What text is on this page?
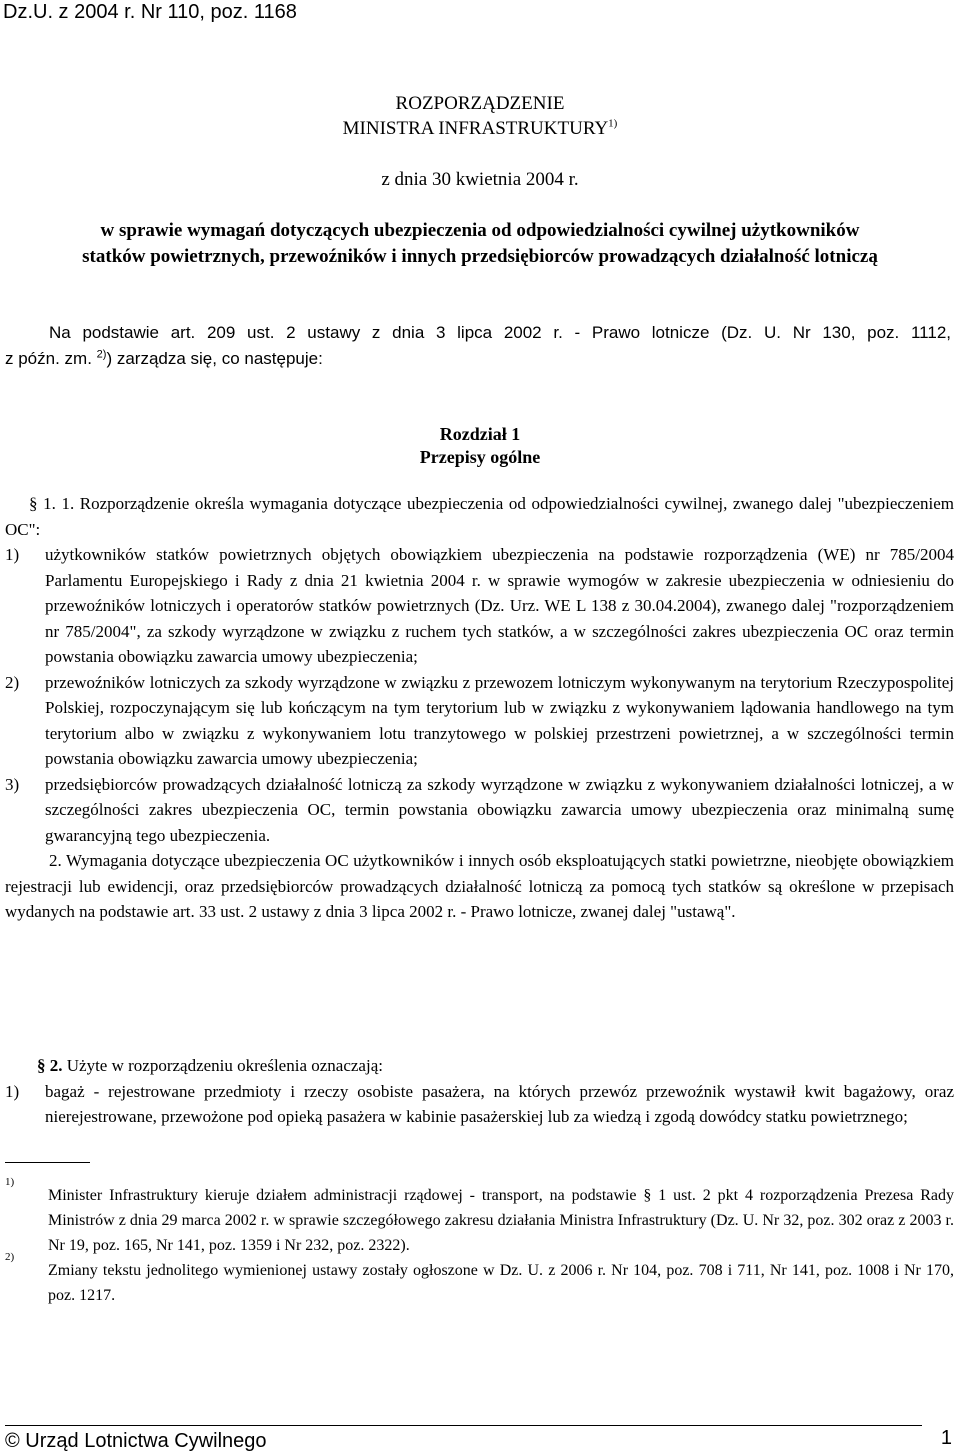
Dz.U. z 2004 r. Nr 110, poz. 1168
ROZPORZĄDZENIE
MINISTRA INFRASTRUKTURY$^{1)}$
z dnia 30 kwietnia 2004 r.
w sprawie wymagań dotyczących ubezpieczenia od odpowiedzialności cywilnej użytkowników
statków powietrznych, przewoźników i innych przedsiębiorców prowadzących działalność lotniczą
Na podstawie art. 209 ust. 2 ustawy z dnia 3 lipca 2002 r. - Prawo lotnicze (Dz. U. Nr 130, poz. 1112,
z późn. zm. $^{2)}$) zarządza się, co następuje:
Rozdział 1
Przepisy ogólne
§ 1. 1. Rozporządzenie określa wymagania dotyczące ubezpieczenia od odpowiedzialności cywilnej, zwanego dalej "ubezpieczeniem OC":
1) użytkowników statków powietrznych objętych obowiązkiem ubezpieczenia na podstawie rozporządzenia (WE) nr 785/2004 Parlamentu Europejskiego i Rady z dnia 21 kwietnia 2004 r. w sprawie wymogów w zakresie ubezpieczenia w odniesieniu do przewoźników lotniczych i operatorów statków powietrznych (Dz. Urz. WE L 138 z 30.04.2004), zwanego dalej "rozporządzeniem nr 785/2004", za szkody wyrządzone w związku z ruchem tych statków, a w szczególności zakres ubezpieczenia OC oraz termin powstania obowiązku zawarcia umowy ubezpieczenia;
2) przewoźników lotniczych za szkody wyrządzone w związku z przewozem lotniczym wykonywanym na terytorium Rzeczypospolitej Polskiej, rozpoczynającym się lub kończącym na tym terytorium lub w związku z wykonywaniem lądowania handlowego na tym terytorium albo w związku z wykonywaniem lotu tranzytowego w polskiej przestrzeni powietrznej, a w szczególności termin powstania obowiązku zawarcia umowy ubezpieczenia;
3) przedsiębiorców prowadzących działalność lotniczą za szkody wyrządzone w związku z wykonywaniem działalności lotniczej, a w szczególności zakres ubezpieczenia OC, termin powstania obowiązku zawarcia umowy ubezpieczenia oraz minimalną sumę gwarancyjną tego ubezpieczenia.
2. Wymagania dotyczące ubezpieczenia OC użytkowników i innych osób eksploatujących statki powietrzne, nieobjęte obowiązkiem rejestracji lub ewidencji, oraz przedsiębiorców prowadzących działalność lotniczą za pomocą tych statków są określone w przepisach wydanych na podstawie art. 33 ust. 2 ustawy z dnia 3 lipca 2002 r. - Prawo lotnicze, zwanej dalej "ustawą".
§ 2. Użyte w rozporządzeniu określenia oznaczają:
1) bagaż - rejestrowane przedmioty i rzeczy osobiste pasażera, na których przewóz przewoźnik wystawił kwit bagażowy, oraz nierejestrowane, przewożone pod opieką pasażera w kabinie pasażerskiej lub za wiedzą i zgodą dowódcy statku powietrznego;
1)
Minister Infrastruktury kieruje działem administracji rządowej - transport, na podstawie § 1 ust. 2 pkt 4 rozporządzenia Prezesa Rady Ministrów z dnia 29 marca 2002 r. w sprawie szczegółowego zakresu działania Ministra Infrastruktury (Dz. U. Nr 32, poz. 302 oraz z 2003 r. Nr 19, poz. 165, Nr 141, poz. 1359 i Nr 232, poz. 2322).
2)
Zmiany tekstu jednolitego wymienionej ustawy zostały ogłoszone w Dz. U. z 2006 r. Nr 104, poz. 708 i 711, Nr 141, poz. 1008 i Nr 170, poz. 1217.
© Urząd Lotnictwa Cywilnego	1
